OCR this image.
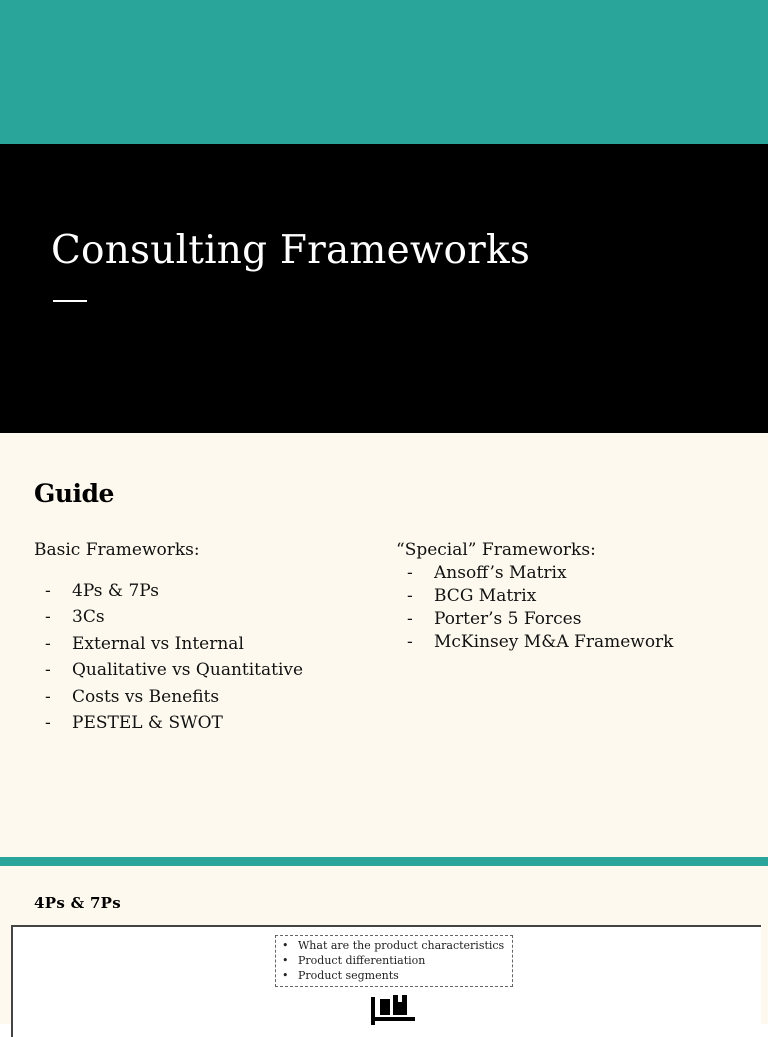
Consulting Frameworks
Guide

Basic Frameworks:

- 4Ps & 7Ps
- 3Cs
- External vs Internal
- Qualitative vs Quantitative
- Costs vs Benefits
- PESTEL & SWOT

“Special” Frameworks:

- Ansoff’s Matrix
- BCG Matrix
- Porter’s 5 Forces
- McKinsey M&A Framework
4Ps & 7Ps
• What are the product characteristics
• Product differentiation
• Product segments
